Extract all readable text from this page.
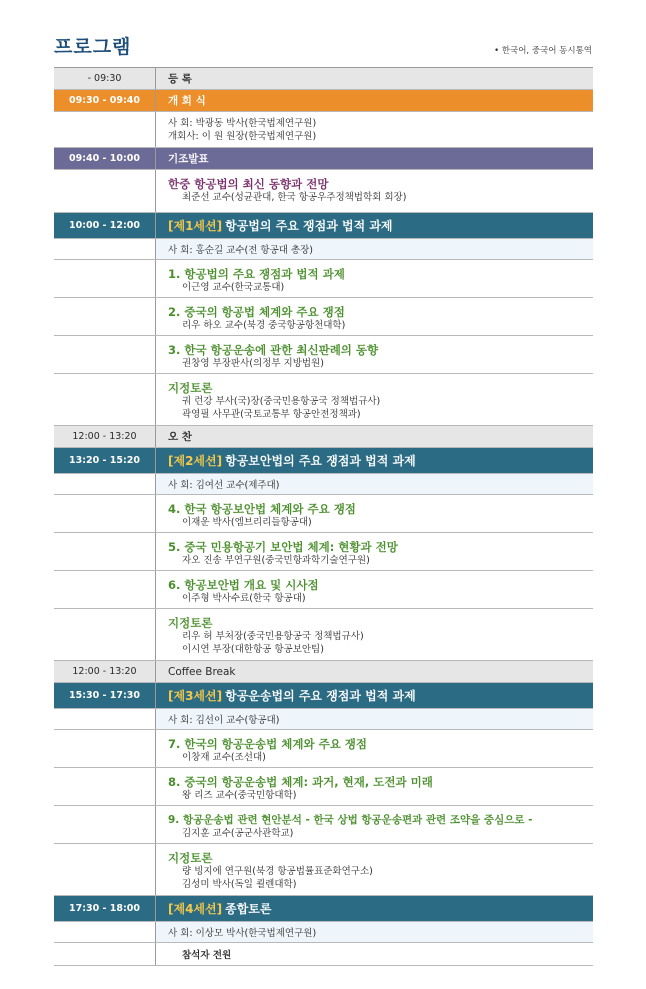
프로그램	• 한국어, 중국어 동시통역
- 09:30	등 록
09:30 - 09:40	개 회 식
사 회: 박광동 박사(한국법제연구원)
개회사: 이 원 원장(한국법제연구원)
09:40 - 10:00	기조발표
한중 항공법의 최신 동향과 전망
최준선 교수(성균관대, 한국 항공우주정책법학회 회장)
10:00 - 12:00	[제1세션] 항공법의 주요 쟁점과 법적 과제
사 회: 홍순길 교수(전 항공대 총장)
1. 항공법의 주요 쟁점과 법적 과제
이근영 교수(한국교통대)
2. 중국의 항공법 체계와 주요 쟁점
리우 하오 교수(북경 중국항공항천대학)
3. 한국 항공운송에 관한 최신판례의 동향
권창영 부장판사(의정부 지방법원)
지정토론
궈 런강 부사(국)장(중국민용항공국 정책법규사)
곽영필 사무관(국토교통부 항공안전정책과)
12:00 - 13:20	오 찬
13:20 - 15:20	[제2세션] 항공보안법의 주요 쟁점과 법적 과제
사 회: 김여선 교수(제주대)
4. 한국 항공보안법 체계와 주요 쟁점
이재운 박사(엠브리리들항공대)
5. 중국 민용항공기 보안법 체계: 현황과 전망
자오 진송 부연구원(중국민항과학기술연구원)
6. 항공보안법 개요 및 시사점
이주형 박사수료(한국 항공대)
지정토론
리우 허 부처장(중국민용항공국 정책법규사)
이시연 부장(대한항공 항공보안팀)
12:00 - 13:20	Coffee Break
15:30 - 17:30	[제3세션] 항공운송법의 주요 쟁점과 법적 과제
사 회: 김선이 교수(항공대)
7. 한국의 항공운송법 체계와 주요 쟁점
이창재 교수(조선대)
8. 중국의 항공운송법 체계: 과거, 현재, 도전과 미래
왕 리즈 교수(중국민항대학)
9. 항공운송법 관련 현안분석 - 한국 상법 항공운송편과 관련 조약을 중심으로 -
김지훈 교수(공군사관학교)
지정토론
량 빙지에 연구원(북경 항공법률표준화연구소)
김성미 박사(독일 쾰렌대학)
17:30 - 18:00	[제4세션] 종합토론
사 회: 이상모 박사(한국법제연구원)
참석자 전원
